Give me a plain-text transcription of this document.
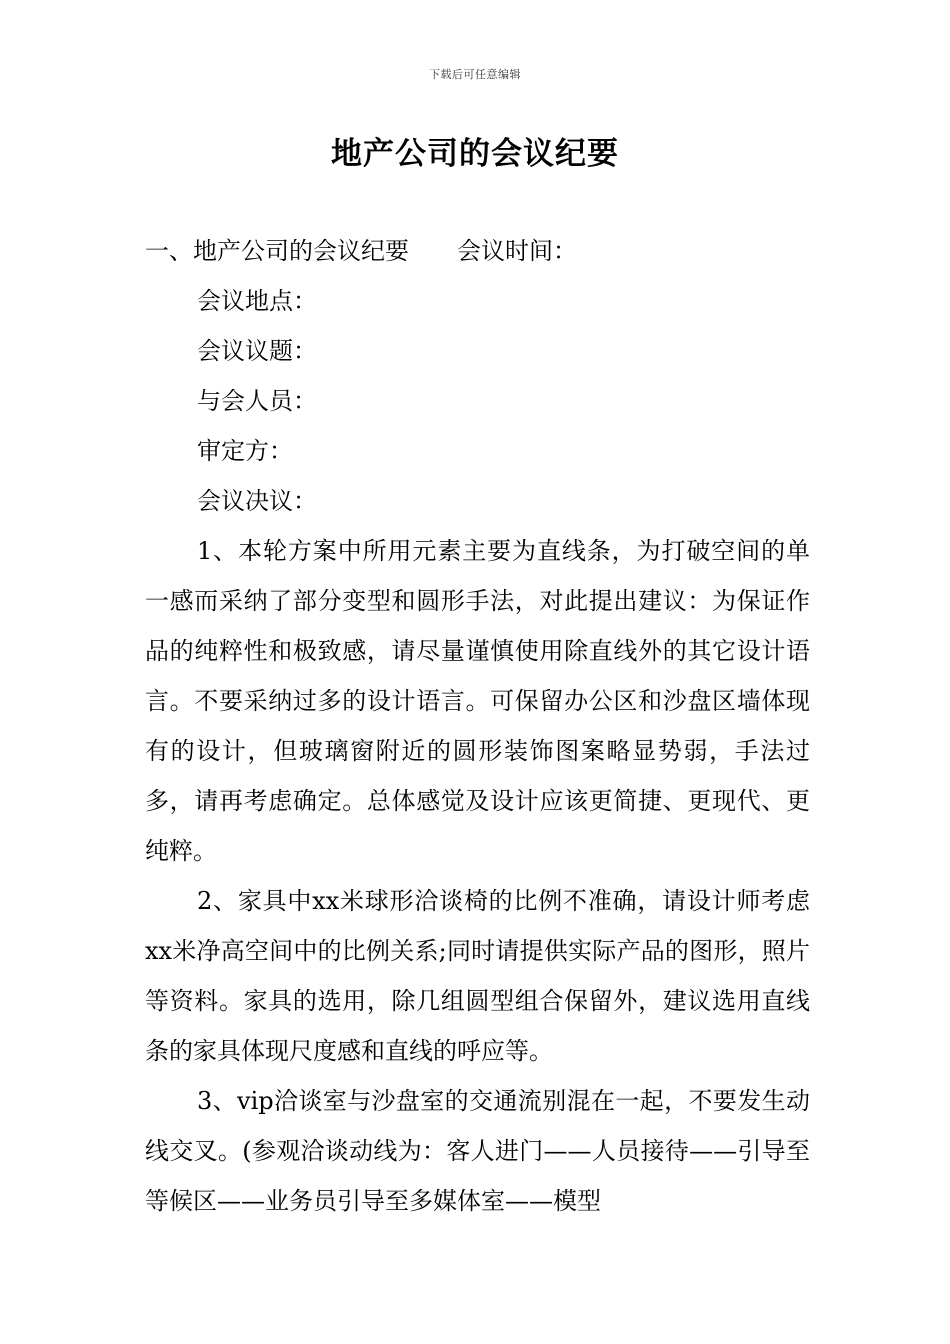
下载后可任意编辑
地产公司的会议纪要
一、地产公司的会议纪要 会议时间：
会议地点：
会议议题：
与会人员：
审定方：
会议决议：

1、本轮方案中所用元素主要为直线条，为打破空间的单一感而采纳了部分变型和圆形手法，对此提出建议：为保证作品的纯粹性和极致感，请尽量谨慎使用除直线外的其它设计语言。不要采纳过多的设计语言。可保留办公区和沙盘区墙体现有的设计，但玻璃窗附近的圆形装饰图案略显势弱，手法过多，请再考虑确定。总体感觉及设计应该更简捷、更现代、更纯粹。

2、家具中xx米球形洽谈椅的比例不准确，请设计师考虑xx米净高空间中的比例关系;同时请提供实际产品的图形，照片等资料。家具的选用，除几组圆型组合保留外，建议选用直线条的家具体现尺度感和直线的呼应等。

3、vip洽谈室与沙盘室的交通流别混在一起，不要发生动线交叉。(参观洽谈动线为：客人进门——人员接待——引导至等候区——业务员引导至多媒体室——模型
